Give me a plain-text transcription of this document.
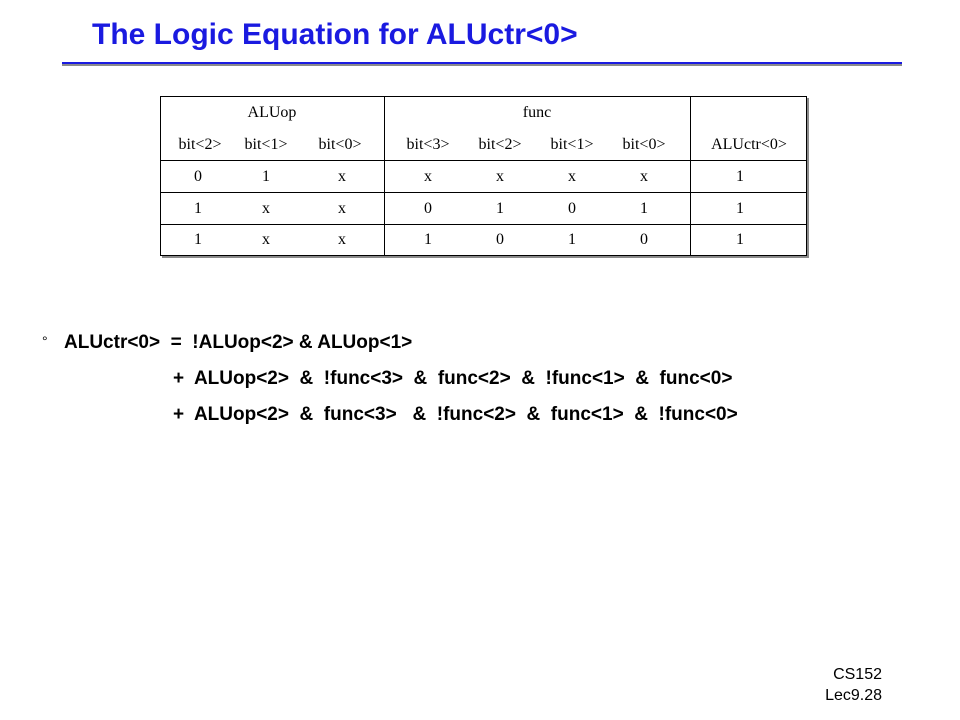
The Logic Equation for ALUctr<0>
ALUop	func
bit<2>	bit<1>	bit<0>	bit<3>	bit<2>	bit<1>	bit<0>	ALUctr<0>
0	1	x	x	x	x	x	1
1	x	x	0	1	0	1	1
1	x	x	1	0	1	0	1
° ALUctr<0>  =  !ALUop<2> & ALUop<1>
+  ALUop<2>  &  !func<3>  &  func<2>  &  !func<1>  &  func<0>
+  ALUop<2>  &  func<3>   &  !func<2>  &  func<1>  &  !func<0>
CS152
Lec9.28
